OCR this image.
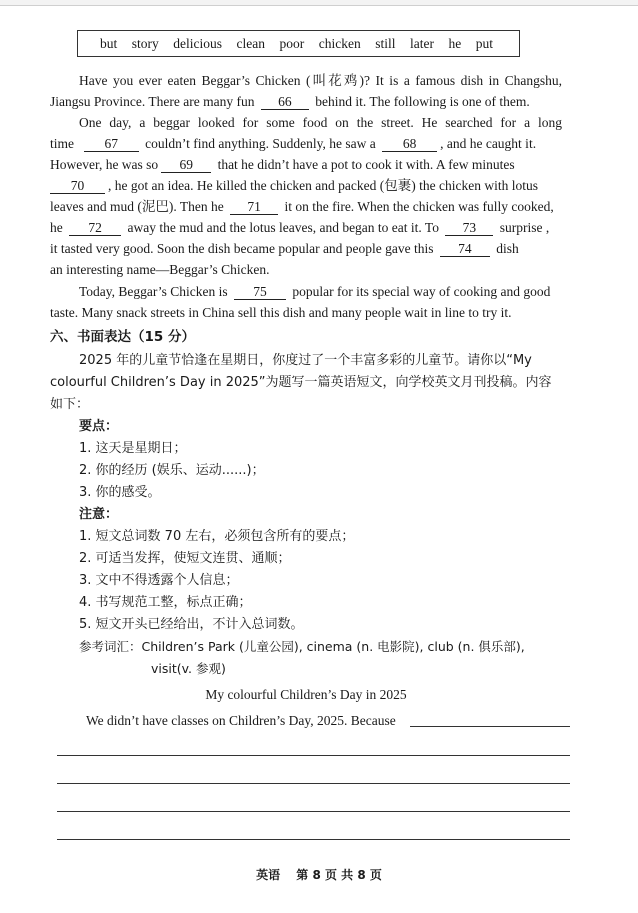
but story delicious clean poor chicken still later he put
Have you ever eaten Beggar’s Chicken (叫花鸡)? It is a famous dish in Changshu,
Jiangsu Province. There are many fun 66 behind it. The following is one of them.
One day, a beggar looked for some food on the street. He searched for a long
time 67 couldn’t find anything. Suddenly, he saw a 68 , and he caught it.
However, he was so 69 that he didn’t have a pot to cook it with. A few minutes
70 , he got an idea. He killed the chicken and packed (包裹) the chicken with lotus
leaves and mud (泥巴). Then he 71 it on the fire. When the chicken was fully cooked,
he 72 away the mud and the lotus leaves, and began to eat it. To 73 surprise ,
it tasted very good. Soon the dish became popular and people gave this 74 dish
an interesting name—Beggar’s Chicken.
Today, Beggar’s Chicken is 75 popular for its special way of cooking and good
taste. Many snack streets in China sell this dish and many people wait in line to try it.
六、书面表达（15 分）
2025 年的儿童节恰逢在星期日，你度过了一个丰富多彩的儿童节。请你以“My
colourful Children’s Day in 2025”为题写一篇英语短文，向学校英文月刊投稿。内容
如下：
要点：
1. 这天是星期日；
2. 你的经历 (娱乐、运动......)；
3. 你的感受。
注意：
1. 短文总词数 70 左右，必须包含所有的要点；
2. 可适当发挥，使短文连贯、通顺；
3. 文中不得透露个人信息；
4. 书写规范工整，标点正确；
5. 短文开头已经给出，不计入总词数。
参考词汇：Children’s Park (儿童公园), cinema (n. 电影院), club (n. 俱乐部),
visit(v. 参观)
My colourful Children’s Day in 2025
We didn’t have classes on Children’s Day, 2025. Because
英语 第 8 页 共 8 页
